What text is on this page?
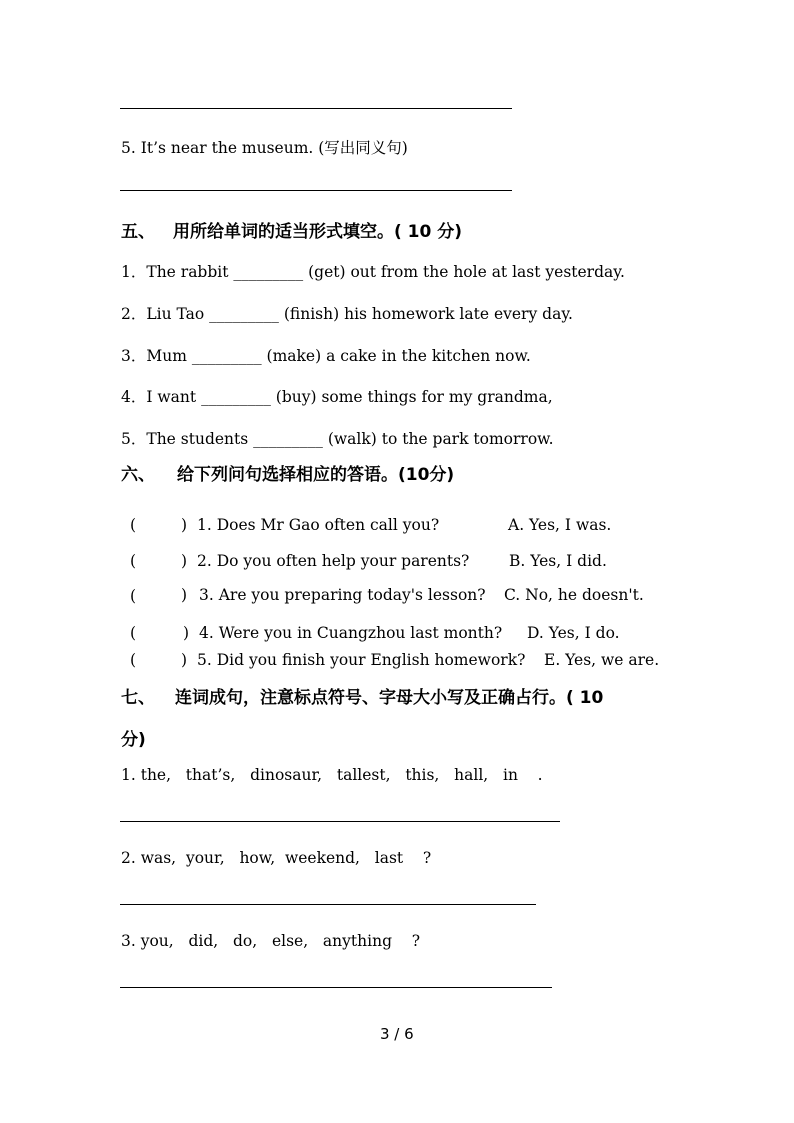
5. It’s near the museum. (写出同义句)
五、 用所给单词的适当形式填空。( 10 分)
1．The rabbit _________ (get) out from the hole at last yesterday.
2．Liu Tao _________ (finish) his homework late every day.
3．Mum _________ (make) a cake in the kitchen now.
4．I want _________ (buy) some things for my grandma,
5．The students _________ (walk) to the park tomorrow.
六、 给下列问句选择相应的答语。(10分)
(	) 1. Does Mr Gao often call you?	A. Yes, I was.
(	) 2. Do you often help your parents?	B. Yes, I did.
(	) 3. Are you preparing today's lesson? C. No, he doesn't.
(	) 4. Were you in Cuangzhou last month? D. Yes, I do.
(	) 5. Did you finish your English homework? E. Yes, we are.
七、 连词成句，注意标点符号、字母大小写及正确占行。( 10
分)
1. the,   that’s,   dinosaur,   tallest,   this,   hall,   in    .
2. was,  your,   how,  weekend,   last    ?
3. you,   did,   do,   else,   anything    ?
3 / 6
